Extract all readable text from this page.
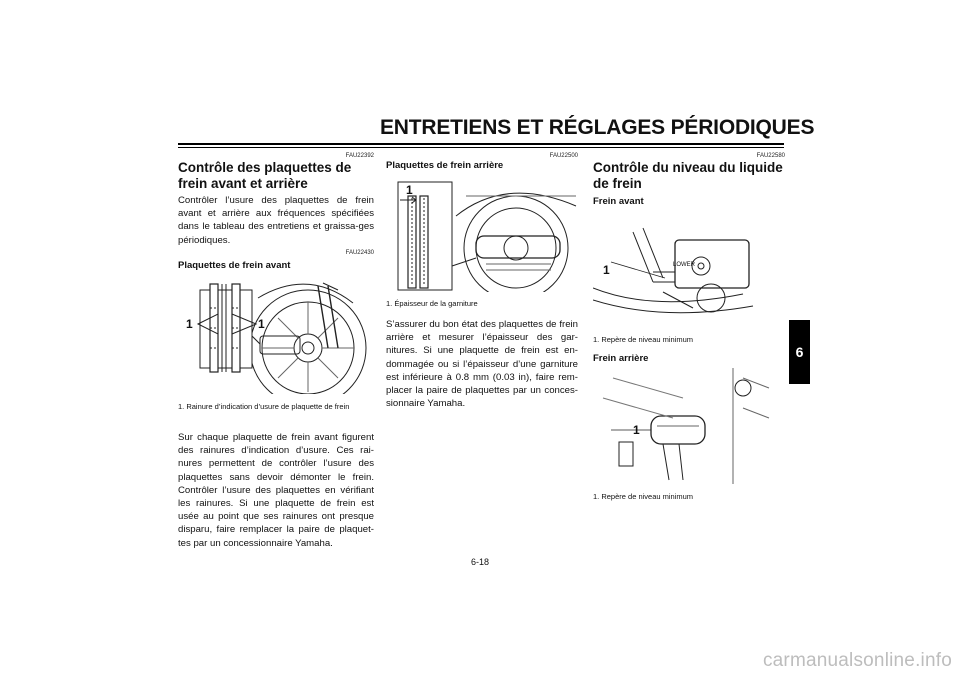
ENTRETIENS ET RÉGLAGES PÉRIODIQUES
6
FAU22392
Contrôle des plaquettes de frein avant et arrière
Contrôler l’usure des plaquettes de frein avant et arrière aux fréquences spécifiées dans le tableau des entretiens et graissa-ges périodiques.
FAU22430
Plaquettes de frein avant
1	1
1. Rainure d’indication d’usure de plaquette de frein
Sur chaque plaquette de frein avant figurent des rainures d’indication d’usure. Ces rai-nures permettent de contrôler l’usure des plaquettes sans devoir démonter le frein. Contrôler l’usure des plaquettes en vérifiant les rainures. Si une plaquette de frein est usée au point que ses rainures ont presque disparu, faire remplacer la paire de plaquet-tes par un concessionnaire Yamaha.
FAU22500
Plaquettes de frein arrière
1
1. Épaisseur de la garniture
S’assurer du bon état des plaquettes de frein arrière et mesurer l’épaisseur des gar-nitures. Si une plaquette de frein est en-dommagée ou si l’épaisseur d’une garniture est inférieure à 0.8 mm (0.03 in), faire rem-placer la paire de plaquettes par un conces-sionnaire Yamaha.
FAU22580
Contrôle du niveau du liquide de frein
Frein avant
LOWER
1
1. Repère de niveau minimum
Frein arrière
1
1. Repère de niveau minimum
6-18
carmanualsonline.info
